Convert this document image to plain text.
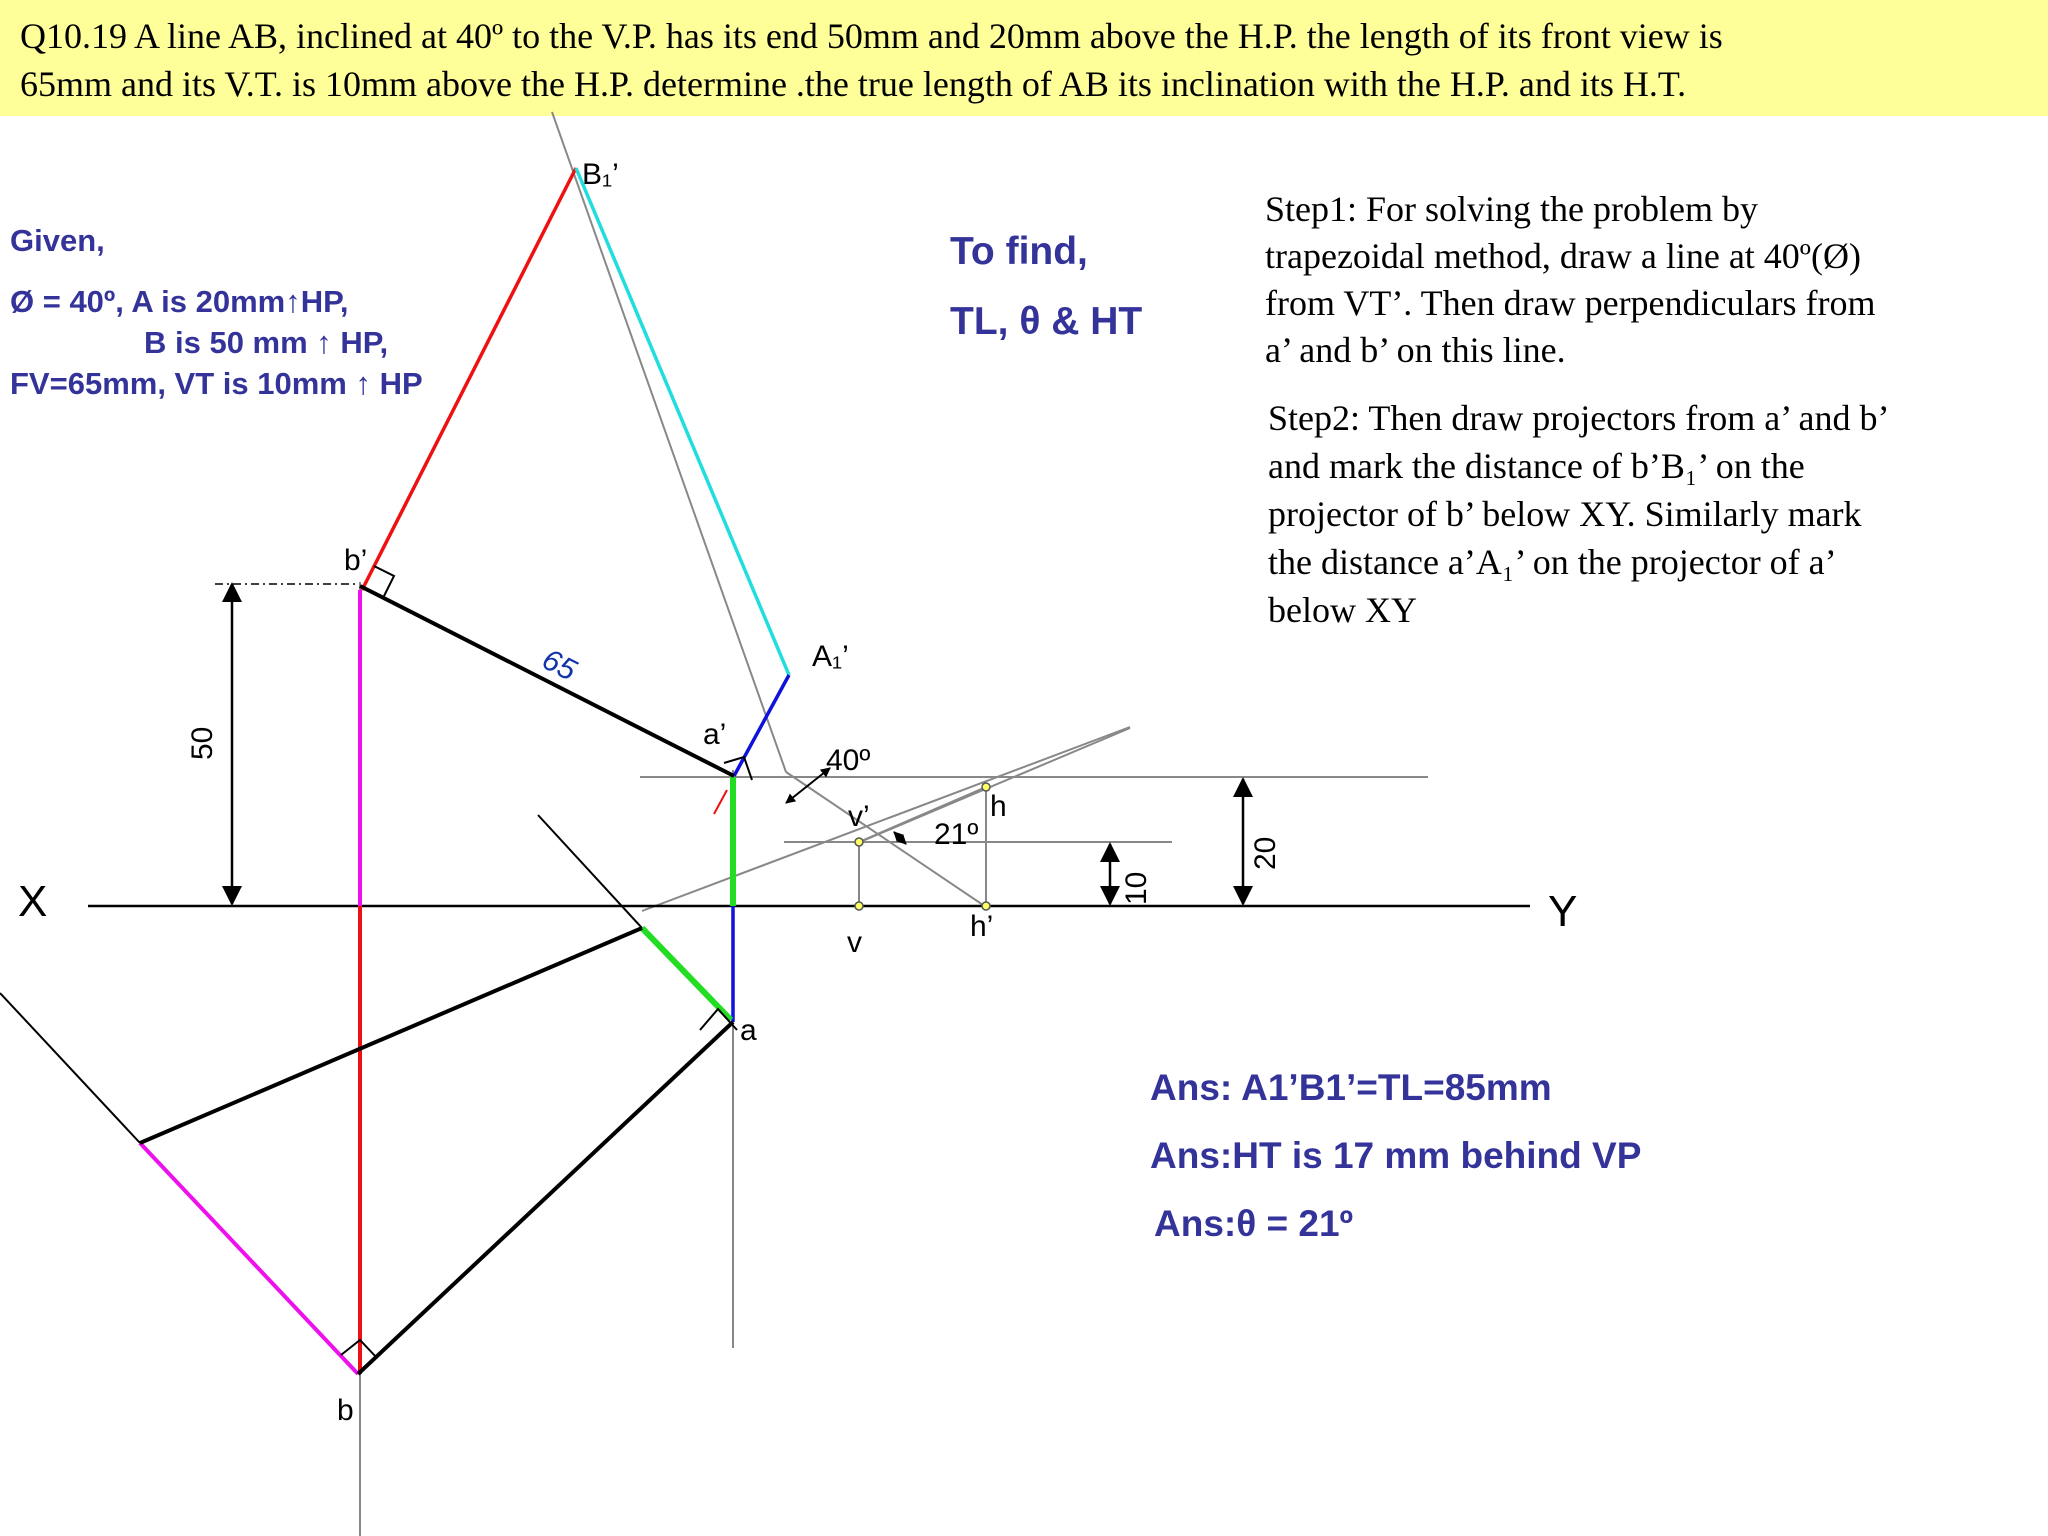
Q10.19 A line AB, inclined at 40º to the V.P. has its end 50mm and 20mm above the H.P. the length of its front view is
65mm and its V.T. is 10mm above the H.P. determine .the true length of AB its inclination with the H.P. and its H.T.
Given,
Ø = 40º, A is 20mm↑HP,
B is 50 mm ↑ HP,
FV=65mm, VT is 10mm ↑ HP
To find,
TL, θ & HT
Step1: For solving the problem by
trapezoidal method, draw a line at 40º(Ø)
from VT’. Then draw perpendiculars from
a’ and b’ on this line.
Step2: Then draw projectors from a’ and b’
and mark the distance of b’B₁’ on the
projector of b’ below XY. Similarly mark
the distance a’A₁’ on the projector of a’
below XY
Ans: A1’B1’=TL=85mm
Ans:HT is 17 mm behind VP
Ans:θ = 21º
X	Y
50
20
10
b’
a’
B₁’
A₁’
a
b
v’
v
h
h’
40º
21º
65
